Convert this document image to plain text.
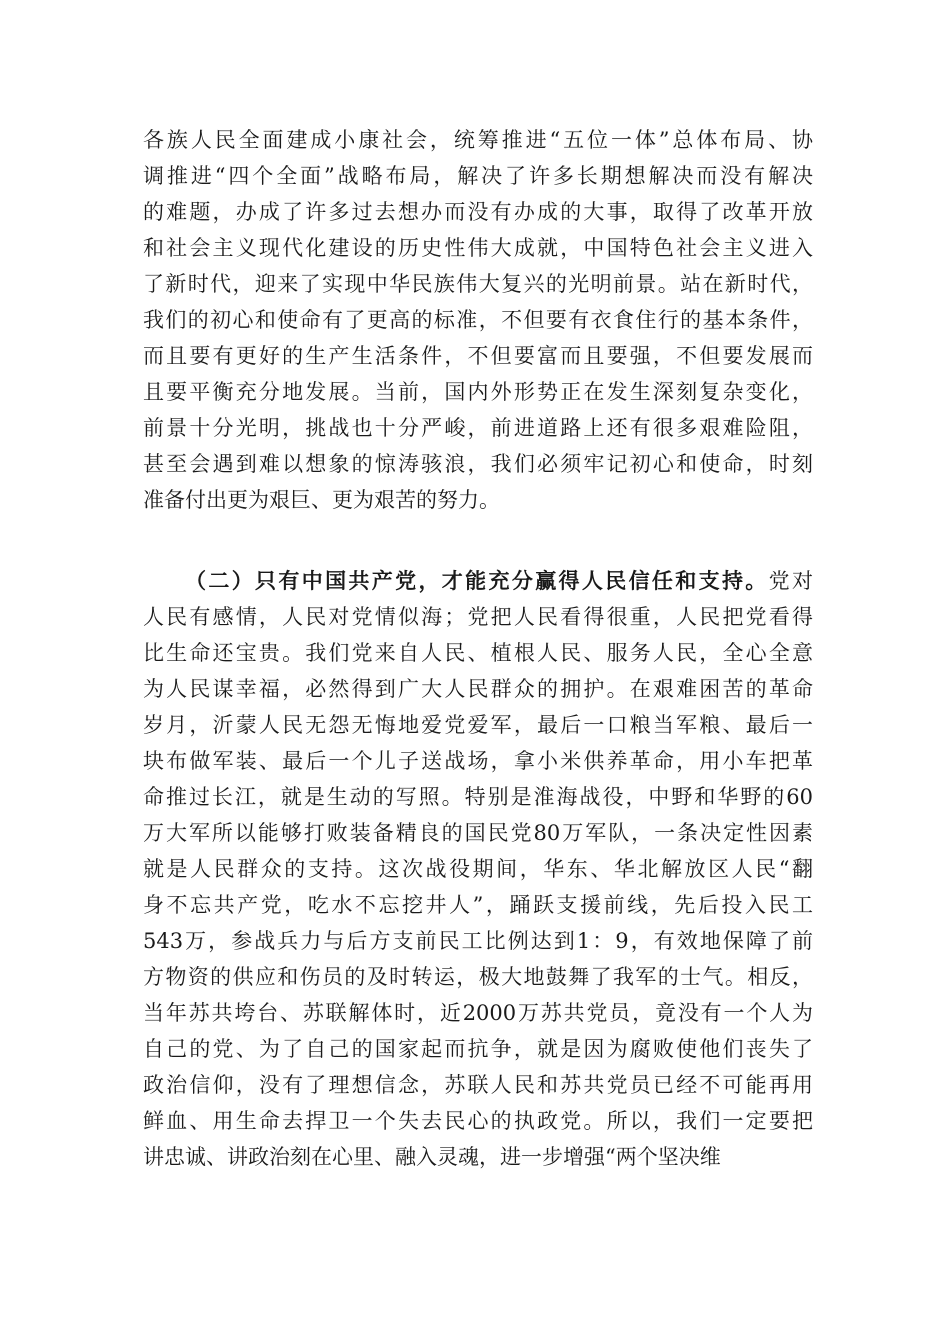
各族人民全面建成小康社会，统筹推进“五位一体”总体布局、协
调推进“四个全面”战略布局，解决了许多长期想解决而没有解决
的难题，办成了许多过去想办而没有办成的大事，取得了改革开放
和社会主义现代化建设的历史性伟大成就，中国特色社会主义进入
了新时代，迎来了实现中华民族伟大复兴的光明前景。站在新时代，
我们的初心和使命有了更高的标准，不但要有衣食住行的基本条件，
而且要有更好的生产生活条件，不但要富而且要强，不但要发展而
且要平衡充分地发展。当前，国内外形势正在发生深刻复杂变化，
前景十分光明，挑战也十分严峻，前进道路上还有很多艰难险阻，
甚至会遇到难以想象的惊涛骇浪，我们必须牢记初心和使命，时刻
准备付出更为艰巨、更为艰苦的努力。
（二）只有中国共产党，才能充分赢得人民信任和支持。党对
人民有感情，人民对党情似海；党把人民看得很重，人民把党看得
比生命还宝贵。我们党来自人民、植根人民、服务人民，全心全意
为人民谋幸福，必然得到广大人民群众的拥护。在艰难困苦的革命
岁月，沂蒙人民无怨无悔地爱党爱军，最后一口粮当军粮、最后一
块布做军装、最后一个儿子送战场，拿小米供养革命，用小车把革
命推过长江，就是生动的写照。特别是淮海战役，中野和华野的60
万大军所以能够打败装备精良的国民党80万军队，一条决定性因素
就是人民群众的支持。这次战役期间，华东、华北解放区人民“翻
身不忘共产党，吃水不忘挖井人”，踊跃支援前线，先后投入民工
543万，参战兵力与后方支前民工比例达到1：9，有效地保障了前
方物资的供应和伤员的及时转运，极大地鼓舞了我军的士气。相反，
当年苏共垮台、苏联解体时，近2000万苏共党员，竟没有一个人为
自己的党、为了自己的国家起而抗争，就是因为腐败使他们丧失了
政治信仰，没有了理想信念，苏联人民和苏共党员已经不可能再用
鲜血、用生命去捍卫一个失去民心的执政党。所以，我们一定要把
讲忠诚、讲政治刻在心里、融入灵魂，进一步增强“两个坚决维
